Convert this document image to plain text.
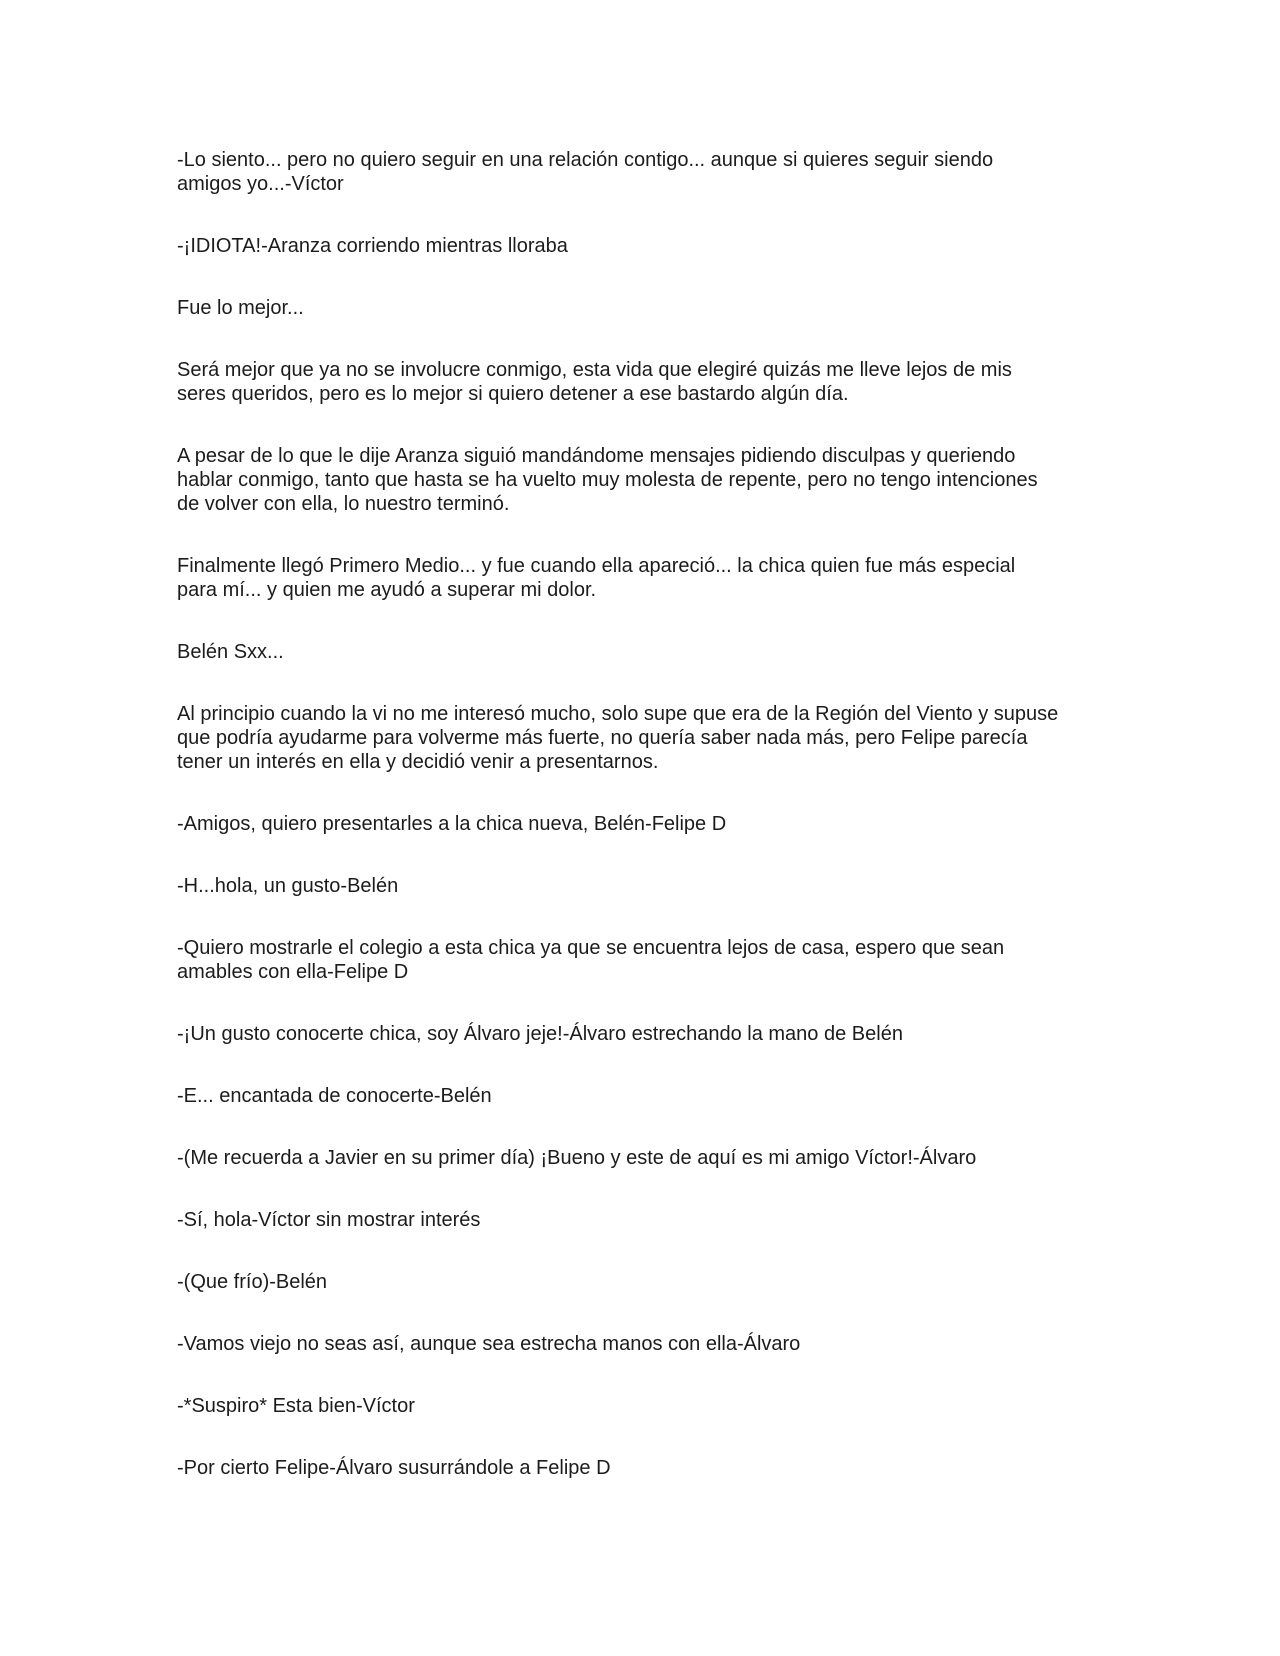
-Lo siento... pero no quiero seguir en una relación contigo... aunque si quieres seguir siendo
amigos yo...-Víctor

-¡IDIOTA!-Aranza corriendo mientras lloraba

Fue lo mejor...

Será mejor que ya no se involucre conmigo, esta vida que elegiré quizás me lleve lejos de mis
seres queridos, pero es lo mejor si quiero detener a ese bastardo algún día.

A pesar de lo que le dije Aranza siguió mandándome mensajes pidiendo disculpas y queriendo
hablar conmigo, tanto que hasta se ha vuelto muy molesta de repente, pero no tengo intenciones
de volver con ella, lo nuestro terminó.

Finalmente llegó Primero Medio... y fue cuando ella apareció... la chica quien fue más especial
para mí... y quien me ayudó a superar mi dolor.

Belén Sxx...

Al principio cuando la vi no me interesó mucho, solo supe que era de la Región del Viento y supuse
que podría ayudarme para volverme más fuerte, no quería saber nada más, pero Felipe parecía
tener un interés en ella y decidió venir a presentarnos.

-Amigos, quiero presentarles a la chica nueva, Belén-Felipe D

-H...hola, un gusto-Belén

-Quiero mostrarle el colegio a esta chica ya que se encuentra lejos de casa, espero que sean
amables con ella-Felipe D

-¡Un gusto conocerte chica, soy Álvaro jeje!-Álvaro estrechando la mano de Belén

-E... encantada de conocerte-Belén

-(Me recuerda a Javier en su primer día) ¡Bueno y este de aquí es mi amigo Víctor!-Álvaro

-Sí, hola-Víctor sin mostrar interés

-(Que frío)-Belén

-Vamos viejo no seas así, aunque sea estrecha manos con ella-Álvaro

-*Suspiro* Esta bien-Víctor

-Por cierto Felipe-Álvaro susurrándole a Felipe D
